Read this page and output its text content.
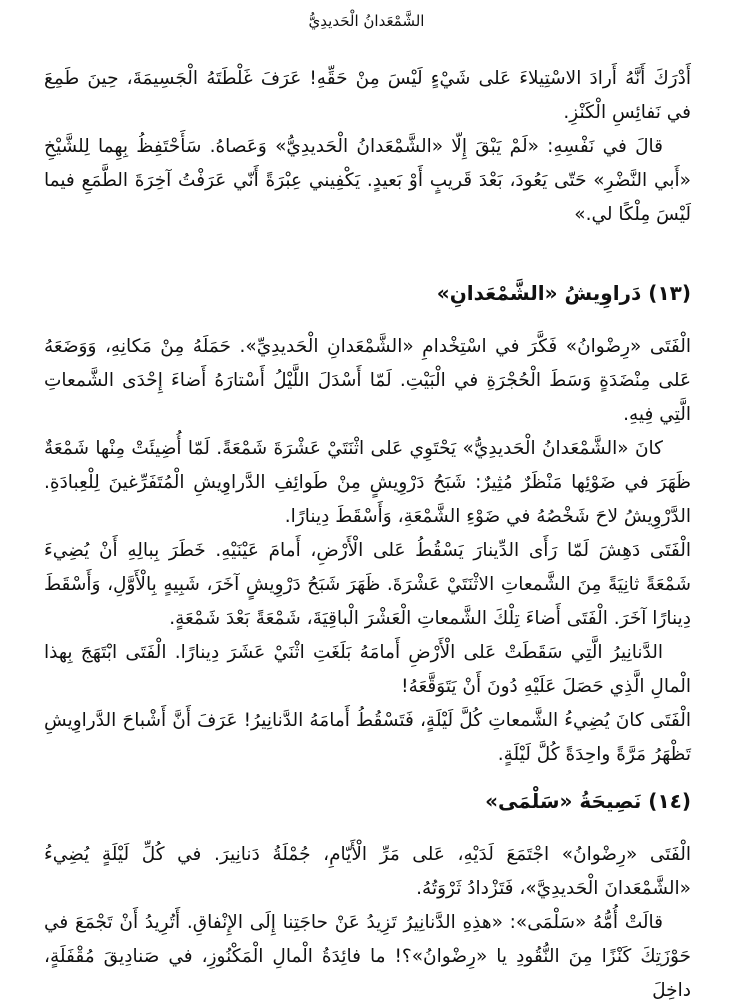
الشَّمْعَدانُ الْحَديدِيُّ

أَدْرَكَ أَنَّهُ أَرادَ الاسْتِيلاءَ عَلى شَيْءٍ لَيْسَ مِنْ حَقِّهِ! عَرَفَ غَلْطَتَهُ الْجَسِيمَةَ، حِينَ طَمِعَ في نَفائِسِ الْكَنْزِ.

قالَ في نَفْسِهِ: «لَمْ يَبْقَ إِلّا «الشَّمْعَدانُ الْحَديدِيُّ» وَعَصاهُ. سَأَحْتَفِظُ بِهِما لِلشَّيْخِ «أَبي النَّضْرِ» حَتّى يَعُودَ، بَعْدَ قَريبٍ أَوْ بَعيدٍ. يَكْفِيني عِبْرَةً أَنّي عَرَفْتُ آخِرَةَ الطَّمَعِ فيما لَيْسَ مِلْكًا لي.»

(١٣) دَراوِيشُ «الشَّمْعَدانِ»

الْفَتَى «رِضْوانُ» فَكَّرَ في اسْتِخْدامِ «الشَّمْعَدانِ الْحَديدِيِّ». حَمَلَهُ مِنْ مَكانِهِ، وَوَضَعَهُ عَلى مِنْضَدَةٍ وَسَطَ الْحُجْرَةِ في الْبَيْتِ. لَمّا أَسْدَلَ اللَّيْلُ أَسْتارَهُ أَضاءَ إِحْدَى الشَّمعاتِ الَّتِي فِيهِ.

كانَ «الشَّمْعَدانُ الْحَديدِيُّ» يَحْتَوِي عَلى اثْنَتَيْ عَشْرَةَ شَمْعَةً. لَمّا أُضِيئَتْ مِنْها شَمْعَةٌ ظَهَرَ في ضَوْئِها مَنْظَرٌ مُثِيرٌ: شَبَحُ دَرْوِيشٍ مِنْ طَوائِفِ الدَّراوِيشِ الْمُتَفَرِّغينَ لِلْعِبادَةِ. الدَّرْوِيشُ لاحَ شَخْصُهُ في ضَوْءِ الشَّمْعَةِ، وَأَسْقَطَ دِينارًا.

الْفَتَى دَهِشَ لَمّا رَأَى الدِّينارَ يَسْقُطُ عَلى الْأَرْضِ، أَمامَ عَيْنَيْهِ. خَطَرَ بِبالِهِ أَنْ يُضِيءَ شَمْعَةً ثانِيَةً مِنَ الشَّمعاتِ الاثْنَتَيْ عَشْرَةَ. ظَهَرَ شَبَحُ دَرْوِيشٍ آخَرَ، شَبِيهٍ بِالْأَوَّلِ، وَأَسْقَطَ دِينارًا آخَرَ. الْفَتَى أَضاءَ تِلْكَ الشَّمعاتِ الْعَشْرَ الْباقِيَةَ، شَمْعَةً بَعْدَ شَمْعَةٍ.

الدَّنانِيرُ الَّتِي سَقَطَتْ عَلى الْأَرْضِ أَمامَهُ بَلَغَتِ اثْنَيْ عَشَرَ دِينارًا. الْفَتَى ابْتَهَجَ بِهذا الْمالِ الَّذِي حَصَلَ عَلَيْهِ دُونَ أَنْ يَتَوَقَّعَهُ!

الْفَتَى كانَ يُضِيءُ الشَّمعاتِ كُلَّ لَيْلَةٍ، فَتَسْقُطُ أَمامَهُ الدَّنانِيرُ! عَرَفَ أَنَّ أَشْباحَ الدَّراوِيشِ تَظْهَرُ مَرَّةً واحِدَةً كُلَّ لَيْلَةٍ.

(١٤) نَصِيحَةُ «سَلْمَى»

الْفَتَى «رِضْوانُ» اجْتَمَعَ لَدَيْهِ، عَلى مَرِّ الْأَيّامِ، جُمْلَةُ دَنانِيرَ. في كُلِّ لَيْلَةٍ يُضِيءُ «الشَّمْعَدانَ الْحَديدِيَّ»، فَتَزْدادُ ثَرْوَتُهُ.

قالَتْ أُمُّهُ «سَلْمَى»: «هذِهِ الدَّنانِيرُ تَزِيدُ عَنْ حاجَتِنا إِلَى الإِنْفاقِ. أَتُرِيدُ أَنْ تَجْمَعَ في حَوْزَتِكَ كَنْزًا مِنَ النُّقُودِ يا «رِضْوانُ»؟! ما فائِدَةُ الْمالِ الْمَكْنُوزِ، في صَنادِيقَ مُقْفَلَةٍ، داخِلَ
